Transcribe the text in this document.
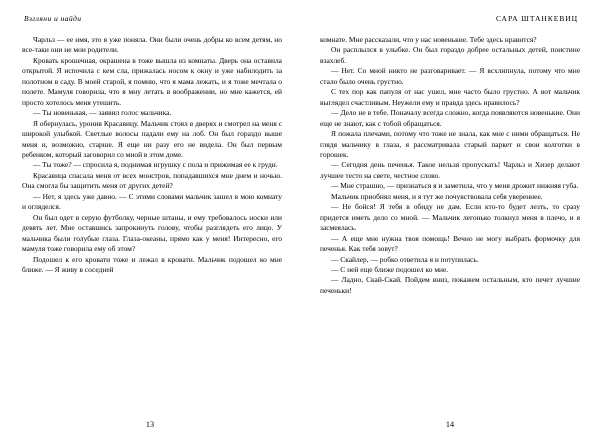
Взгляни и найди

Чарльз — ее имя, это я уже поняла. Они были очень добры ко всем детям, но все-таки они не мои родители.

Кровать крошечная, окрашена в тоже вышла из комнаты. Дверь она оставила открытой. Я испочила с кем сла, прижалась носом к окну и уже набилодить за полотном в саду. В моей старой, я помню, что я мама лежать, и я тоже мечтала о полете. Мамуля говорила, что я мну летать в воображении, но мне кажется, ей просто хотелось меня утешить.

— Ты новенькая, — заявил голос мальчика.

Я обернулась, уронив Красавицу. Мальчик стоял в дверях и смотрел на меня с широкой улыбкой. Светлые волосы падали ему на лоб. Он был гораздо выше меня и, возможно, старше. Я еще ни разу его не видела. Он был первым ребенком, который заговорил со мной в этом доме.

— Ты тоже? — спросила я, поднимая игрушку с пола и прижимая ее к груди.

Красавица спасала меня от всех монстров, попадавшихся мне днем и ночью. Она смогла бы защитить меня от других детей?

— Нет, я здесь уже давно. — С этими словами мальчик зашел в мою комнату и огляделся.

Он был одет в серую футболку, черные штаны, и ему требовалось носки или девять лет. Мне оставшись запрокинуть голову, чтобы разглядеть его лицо. У мальчика были голубые глаза. Глаза-океаны, прямо как у меня! Интересно, его мамуля тоже говорила ему об этом?

Подошел к его кровати тоже и лежал в кровати. Мальчик подошел ко мне ближе. — Я живу в соседней

13
САРА ШТАНКЕВИЦ

комнате. Мне рассказали, что у нас новенькие. Тебе здесь нравится?

Он расплылся в улыбке. Он был гораздо добрее остальных детей, поистине взахлеб.

— Нет. Со мной никто не разговаривает. — Я всхлипнула, потому что мне стало было очень грустно.

С тех пор как папуля от нас ушел, мне часто было грустно. А вот мальчик выглядел счастливым. Неужели ему и правда здесь нравилось?

— Дело не в тебе. Поначалу всегда сложно, когда появляются новенькие. Они еще не знают, как с тобой обращаться.

Я пожала плечами, потому что тоже не знала, как мне с ними обращаться. Не глядя мальчику в глаза, я рассматривала старый паркет и свои колготки в горошек.

— Сегодня день печенья. Такое нельзя пропускать! Чарльз и Хизер делают лучшее тесто на свете, честное слово.

— Мне страшно, — признаться я и заметила, что у меня дрожит нижняя губа.

Мальчик приобнял меня, и я тут же почувствовала себя увереннее.

— Не бойся! Я тебя в обиду не дам. Если кто-то будет лезть, то сразу придется иметь дело со мной. — Мальчик легонько толкнул меня в плечо, и я засмеялась.

— А еще мне нужна твоя помощь! Вечно не могу выбрать формочку для печенья. Как тебя зовут?

— Скайлер, — робко ответила я и потупилась.

— С ней еще ближе подошел ко мне.

— Ладно, Скай-Скай. Пойдем вниз, покажем остальным, кто печет лучшие печеньки!

14
